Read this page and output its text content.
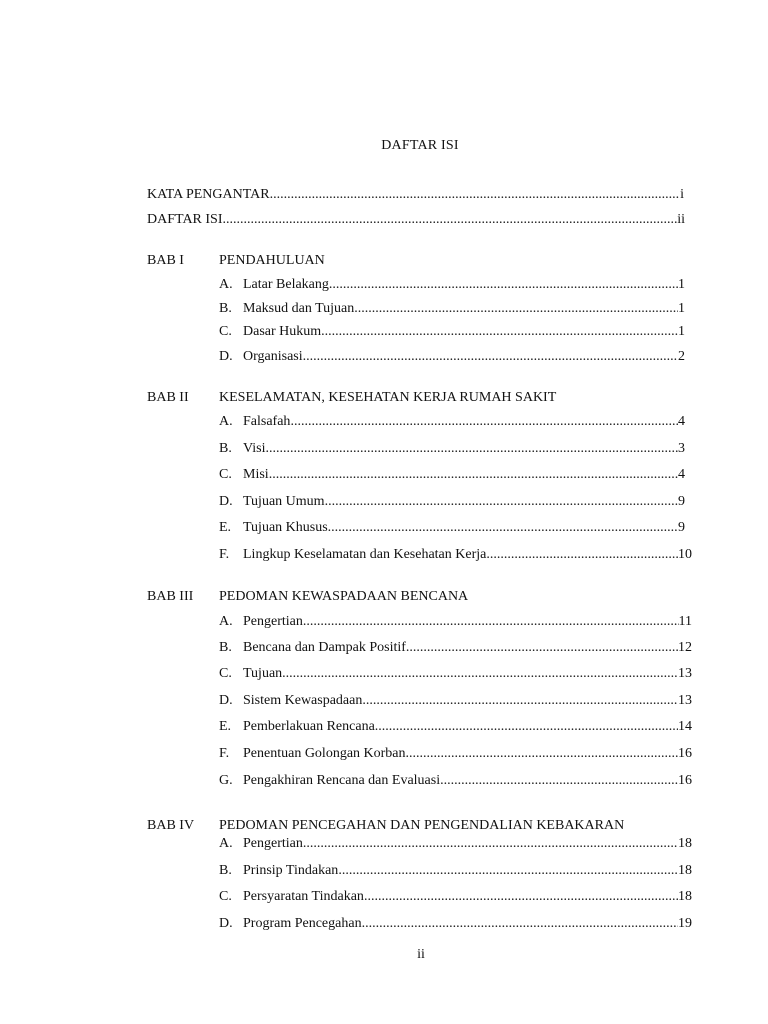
DAFTAR ISI
KATA PENGANTAR .....	i
DAFTAR ISI .....	ii
BAB I	PENDAHULUAN
A. Latar Belakang .....	1
B. Maksud dan Tujuan .....	1
C. Dasar Hukum .....	1
D. Organisasi .....	2
BAB II KESELAMATAN, KESEHATAN KERJA RUMAH SAKIT
A. Falsafah .....	4
B. Visi .....	3
C. Misi .....	4
D. Tujuan Umum .....	9
E. Tujuan Khusus .....	9
F. Lingkup Keselamatan dan Kesehatan Kerja .....	10
BAB III PEDOMAN KEWASPADAAN BENCANA
A. Pengertian .....	11
B. Bencana dan Dampak Positif .....	12
C. Tujuan .....	13
D. Sistem Kewaspadaan .....	13
E. Pemberlakuan Rencana .....	14
F. Penentuan Golongan Korban .....	16
G. Pengakhiran Rencana dan Evaluasi .....	16
BAB IV PEDOMAN PENCEGAHAN DAN PENGENDALIAN KEBAKARAN
A. Pengertian .....	18
B. Prinsip Tindakan .....	18
C. Persyaratan Tindakan .....	18
D. Program Pencegahan .....	19
ii
